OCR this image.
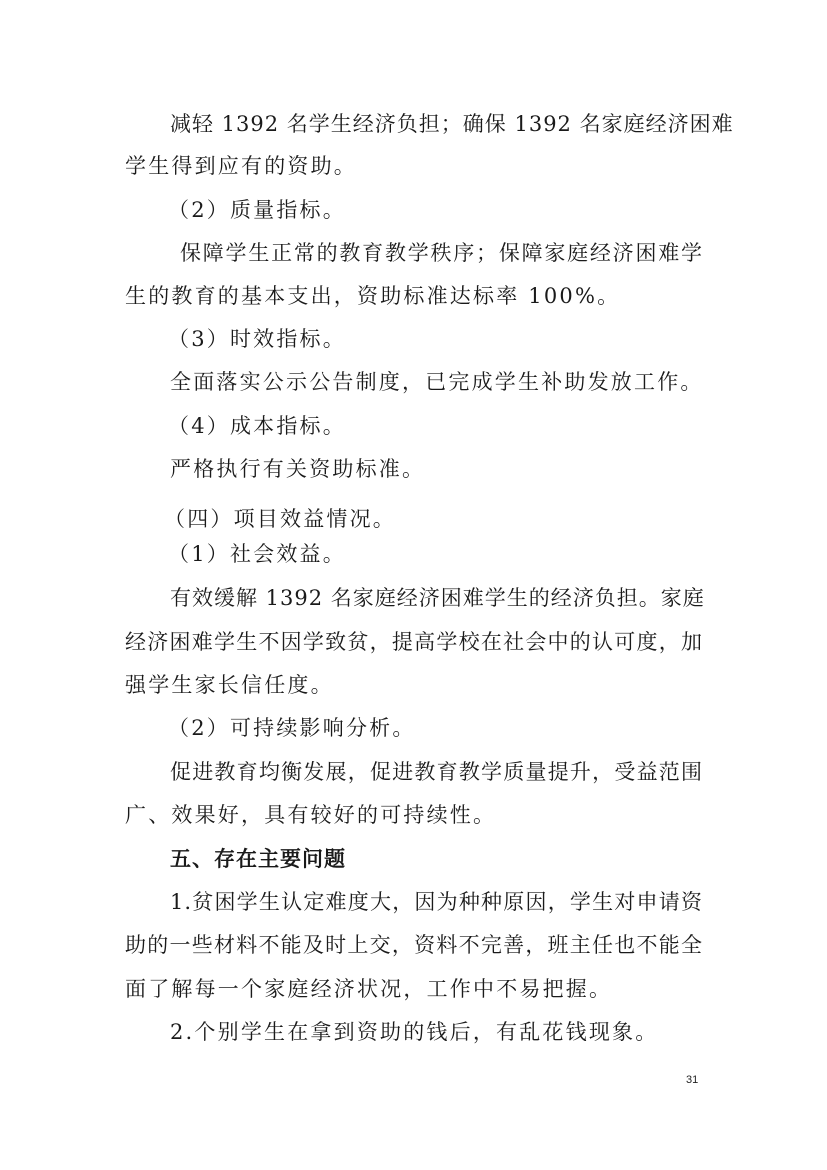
减轻 1392 名学生经济负担；确保 1392 名家庭经济困难
学生得到应有的资助。
（2）质量指标。
保障学生正常的教育教学秩序；保障家庭经济困难学
生的教育的基本支出，资助标准达标率 100%。
（3）时效指标。
全面落实公示公告制度，已完成学生补助发放工作。
（4）成本指标。
严格执行有关资助标准。
（四）项目效益情况。
（1）社会效益。
有效缓解 1392 名家庭经济困难学生的经济负担。家庭
经济困难学生不因学致贫，提高学校在社会中的认可度，加
强学生家长信任度。
（2）可持续影响分析。
促进教育均衡发展，促进教育教学质量提升，受益范围
广、效果好，具有较好的可持续性。
五、存在主要问题
1.贫困学生认定难度大，因为种种原因，学生对申请资
助的一些材料不能及时上交，资料不完善，班主任也不能全
面了解每一个家庭经济状况，工作中不易把握。
2.个别学生在拿到资助的钱后，有乱花钱现象。
31
